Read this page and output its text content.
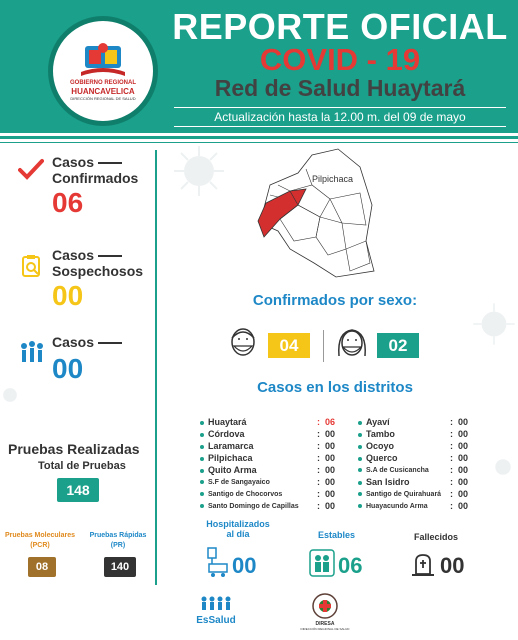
GOBIERNO REGIONAL
HUANCAVELICA
DIRECCIÓN REGIONAL DE SALUD
REPORTE OFICIAL
COVID - 19
Red de Salud Huaytará
Actualización hasta la 12.00 m. del 09 de mayo
Casos
Confirmados
06
Casos
Sospechosos
00
Casos
00
Pruebas Realizadas
Total de Pruebas
148
Pruebas Moleculares
(PCR)
08
Pruebas Rápidas
(PR)
140
Pilpichaca
Confirmados por sexo:
04	02
Casos en los distritos
Huaytará	:  06
Córdova	:  00
Laramarca	:  00
Pilpichaca	:  00
Quito Arma	:  00
S.F de Sangayaico	:  00
Santigo de Chocorvos	:  00
Santo Domingo de Capillas :  00
Ayaví	:  00
Tambo	:  00
Ocoyo	:  00
Querco	:  00
S.A de Cusicancha :  00
San Isidro	:  00
Santigo de Quirahuará :  00
Huayacundo Arma :  00
Hospitalizados
al día
00
Estables
06
Fallecidos
00
EsSalud	DIRESA
DIRECCIÓN REGIONAL DE SALUD
